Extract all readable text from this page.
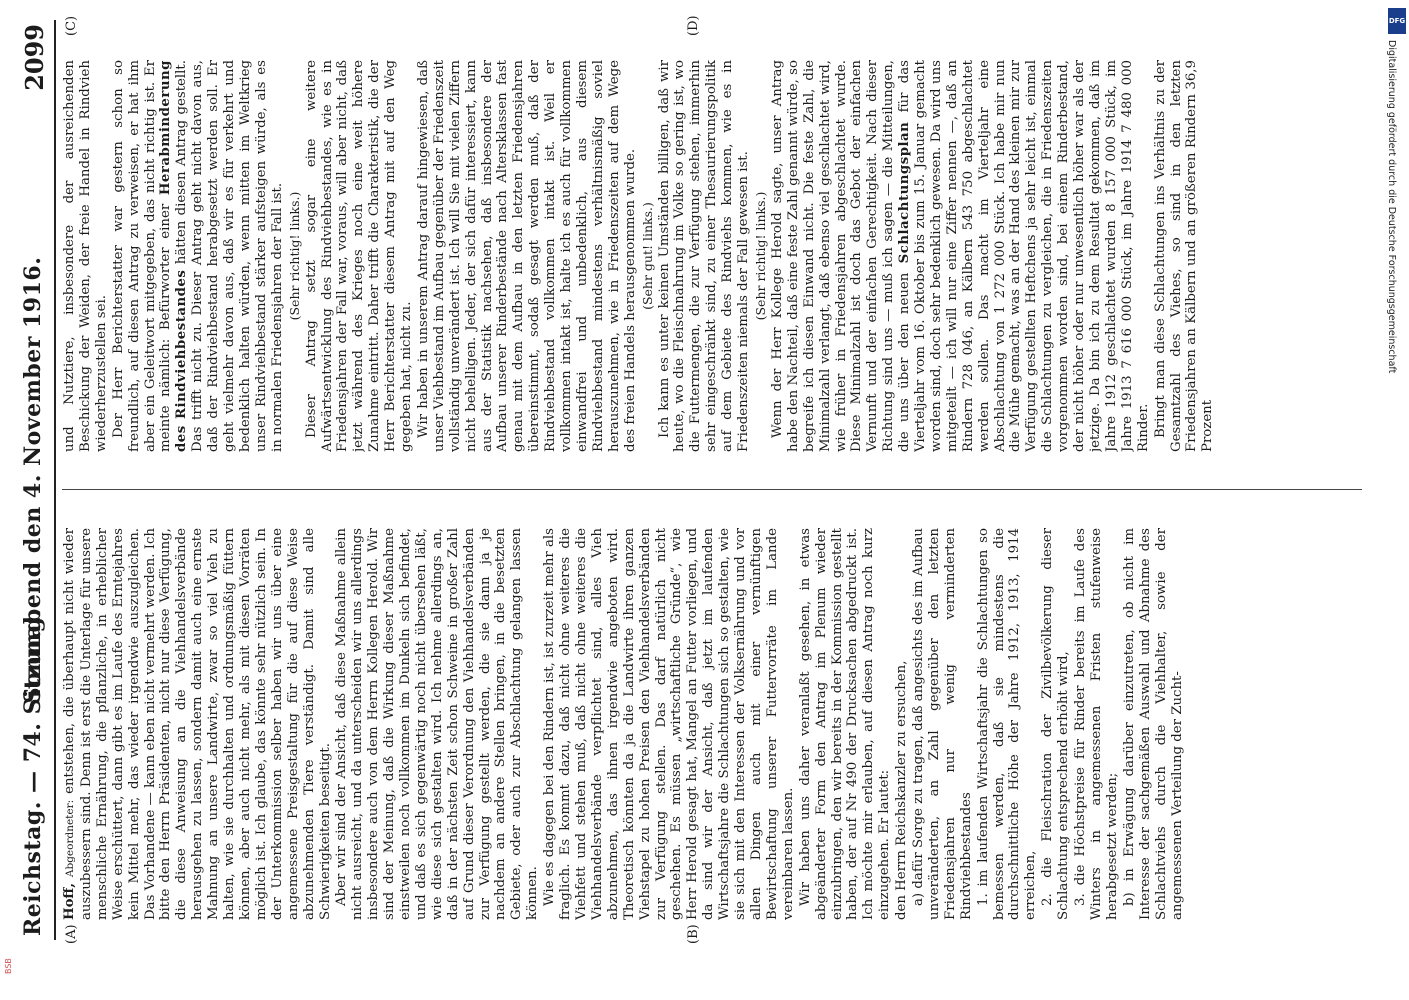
Reichstag. — 74. Sitzung.
Sonnabend den 4. November 1916.
2099
(A)	(B)
(C)	(D)

Hoff, Abgeordneter: entstehen, die überhaupt nicht wieder auszubessern sind. Denn ist erst die Unterlage für unsere menschliche Ernährung, die pflanzliche, in erheblicher Weise erschüttert, dann gibt es im Laufe des Erntejahres kein Mittel mehr, das wieder irgendwie auszugleichen. Das Vorhandene — kann eben nicht vermehrt werden. Ich bitte den Herrn Präsidenten, nicht nur diese Verfügung, die diese Anweisung an die Viehhandelsverbände herausgehen zu lassen, sondern damit auch eine ernste Mahnung an unsere Landwirte, zwar so viel Vieh zu halten, wie sie durchhalten und ordnungsmäßig füttern können, aber auch nicht mehr, als mit diesen Vorräten möglich ist. Ich glaube, das könnte sehr nützlich sein. In der Unterkommission selber haben wir uns über eine angemessene Preisgestaltung für die auf diese Weise abzunehmenden Tiere verständigt. Damit sind alle Schwierigkeiten beseitigt. Aber wir sind der Ansicht, daß diese Maßnahme allein nicht ausreicht, und da unterscheiden wir uns allerdings insbesondere auch von dem Herrn Kollegen Herold. Wir sind der Meinung, daß die Wirkung dieser Maßnahme einstweilen noch vollkommen im Dunkeln sich befindet, und daß es sich gegenwärtig noch nicht übersehen läßt, wie diese sich gestalten wird. Ich nehme allerdings an, daß in der nächsten Zeit schon Schweine in großer Zahl auf Grund dieser Verordnung den Viehhandelsverbänden zur Verfügung gestellt werden, die sie dann ja je nachdem an andere Stellen bringen, in die besetzten Gebiete, oder auch zur Abschlachtung gelangen lassen können. Wie es dagegen bei den Rindern ist, ist zurzeit mehr als fraglich. Es kommt dazu, daß nicht ohne weiteres die Viehfett und stehen muß, daß nicht ohne weiteres die Viehhandelsverbände verpflichtet sind, alles Vieh abzunehmen, das ihnen irgendwie angeboten wird. Theoretisch könnten da ja die Landwirte ihren ganzen Viehstapel zu hohen Preisen den Viehhandelsverbänden zur Verfügung stellen. Das darf natürlich nicht geschehen. Es müssen „wirtschaftliche Gründe“, wie Herr Herold gesagt hat, Mangel an Futter vorliegen, und da sind wir der Ansicht, daß jetzt im laufenden Wirtschaftsjahre die Schlachtungen sich so gestalten, wie sie sich mit den Interessen der Volksernährung und vor allen Dingen auch mit einer vernünftigen Bewirtschaftung unserer Futtervorräte im Lande vereinbaren lassen. Wir haben uns daher veranlaßt gesehen, in etwas abgeänderter Form den Antrag im Plenum wieder einzubringen, den wir bereits in der Kommission gestellt haben, der auf Nr 490 der Drucksachen abgedruckt ist. Ich möchte mir erlauben, auf diesen Antrag noch kurz einzugehen. Er lautet: den Herrn Reichskanzler zu ersuchen, a) dafür Sorge zu tragen, daß angesichts des im Aufbau unveränderten, an Zahl gegenüber den letzten Friedensjahren nur wenig verminderten Rindviehbestandes 1. im laufenden Wirtschaftsjahr die Schlachtungen so bemessen werden, daß sie mindestens die durchschnittliche Höhe der Jahre 1912, 1913, 1914 erreichen, 2. die Fleischration der Zivilbevölkerung dieser Schlachtung entsprechend erhöht wird, 3. die Höchstpreise für Rinder bereits im Laufe des Winters in angemessenen Fristen stufenweise herabgesetzt werden; b) in Erwägung darüber einzutreten, ob nicht im Interesse der sachgemäßen Auswahl und Abnahme des Schlachtviehs durch die Viehhalter, sowie der angemessenen Verteilung der Zucht-

und Nutztiere, insbesondere der ausreichenden Beschickung der Weiden, der freie Handel in Rindvieh wiederherzustellen sei. Der Herr Berichterstatter war gestern schon so freundlich, auf diesen Antrag zu verweisen, er hat ihm aber ein Geleitwort mitgegeben, das nicht richtig ist. Er meinte nämlich: Befürworter einer Herabminderung des Rindviehbestandes hätten diesen Antrag gestellt. Das trifft nicht zu. Dieser Antrag geht nicht davon aus, daß der Rindviehbestand herabgesetzt werden soll. Er geht vielmehr davon aus, daß wir es für verkehrt und bedenklich halten würden, wenn mitten im Weltkrieg unser Rindviehbestand stärker aufsteigen würde, als es in normalen Friedensjahren der Fall ist. (Sehr richtig! links.) Dieser Antrag setzt sogar eine weitere Aufwärtsentwicklung des Rindviehbestandes, wie es in Friedensjahren der Fall war, voraus, will aber nicht, daß jetzt während des Krieges noch eine weit höhere Zunahme eintritt. Daher trifft die Charakteristik, die der Herr Berichterstatter diesem Antrag mit auf den Weg gegeben hat, nicht zu. Wir haben in unserem Antrag darauf hingewiesen, daß unser Viehbestand im Aufbau gegenüber der Friedenszeit vollständig unverändert ist. Ich will Sie mit vielen Ziffern nicht behelligen. Jeder, der sich dafür interessiert, kann aus der Statistik nachsehen, daß insbesondere der Aufbau unserer Rinderbestände nach Altersklassen fast genau mit dem Aufbau in den letzten Friedensjahren übereinstimmt, sodaß gesagt werden muß, daß der Rindviehbestand vollkommen intakt ist. Weil er vollkommen intakt ist, halte ich es auch für vollkommen einwandfrei und unbedenklich, aus diesem Rindviehbestand mindestens verhältnismäßig soviel herauszunehmen, wie in Friedenszeiten auf dem Wege des freien Handels herausgenommen wurde. (Sehr gut! links.) Ich kann es unter keinen Umständen billigen, daß wir heute, wo die Fleischnahrung im Volke so gering ist, wo die Futtermengen, die zur Verfügung stehen, immerhin sehr eingeschränkt sind, zu einer Thesaurierungspolitik auf dem Gebiete des Rindviehs kommen, wie es in Friedenszeiten niemals der Fall gewesen ist. (Sehr richtig! links.) Wenn der Herr Kollege Herold sagte, unser Antrag habe den Nachteil, daß eine feste Zahl genannt würde, so begreife ich diesen Einwand nicht. Die feste Zahl, die Minimalzahl verlangt, daß ebenso viel geschlachtet wird, wie früher in Friedensjahren abgeschlachtet wurde. Diese Minimalzahl ist doch das Gebot der einfachen Vernunft und der einfachen Gerechtigkeit. Nach dieser Richtung sind uns — muß ich sagen — die Mitteilungen, die uns über den neuen Schlachtungsplan für das Vierteljahr vom 16. Oktober bis zum 15. Januar gemacht worden sind, doch sehr bedenklich gewesen. Da wird uns mitgeteilt — ich will nur eine Ziffer nennen —, daß an Rindern 728 046, an Kälbern 543 750 abgeschlachtet werden sollen. Das macht im Vierteljahr eine Abschlachtung von 1 272 000 Stück. Ich habe mir nun die Mühe gemacht, was an der Hand des kleinen mir zur Verfügung gestellten Heftchens ja sehr leicht ist, einmal die Schlachtungen zu vergleichen, die in Friedenszeiten vorgenommen worden sind, bei einem Rinderbestand, der nicht höher oder nur unwesentlich höher war als der jetzige. Da bin ich zu dem Resultat gekommen, daß im Jahre 1912 geschlachtet wurden 8 157 000 Stück, im Jahre 1913 7 616 000 Stück, im Jahre 1914 7 480 000 Rinder. Bringt man diese Schlachtungen ins Verhältnis zu der Gesamtzahl des Viehes, so sind in den letzten Friedensjahren an Kälbern und an größeren Rindern 36,9 Prozent

DFG
Digitalisierung gefördert durch die Deutsche Forschungsgemeinschaft
BSB
